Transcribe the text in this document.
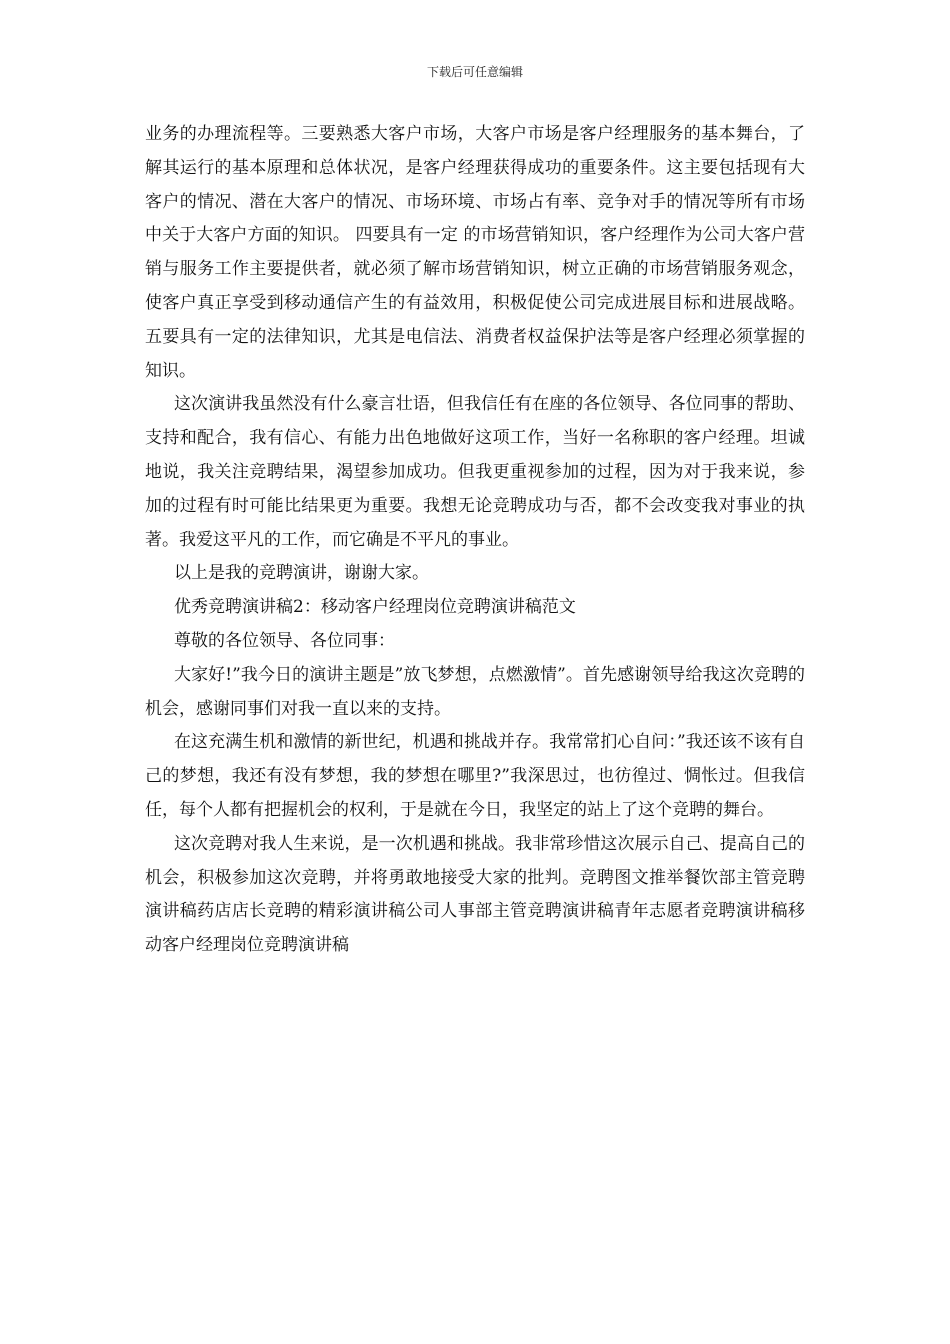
下载后可任意编辑

业务的办理流程等。三要熟悉大客户市场，大客户市场是客户经理服务的基本舞台，了解其运行的基本原理和总体状况，是客户经理获得成功的重要条件。这主要包括现有大客户的情况、潜在大客户的情况、市场环境、市场占有率、竞争对手的情况等所有市场中关于大客户方面的知识。 四要具有一定 的市场营销知识，客户经理作为公司大客户营销与服务工作主要提供者，就必须了解市场营销知识，树立正确的市场营销服务观念，使客户真正享受到移动通信产生的有益效用，积极促使公司完成进展目标和进展战略。五要具有一定的法律知识，尤其是电信法、消费者权益保护法等是客户经理必须掌握的知识。

这次演讲我虽然没有什么豪言壮语，但我信任有在座的各位领导、各位同事的帮助、支持和配合，我有信心、有能力出色地做好这项工作，当好一名称职的客户经理。坦诚地说，我关注竞聘结果，渴望参加成功。但我更重视参加的过程，因为对于我来说，参加的过程有时可能比结果更为重要。我想无论竞聘成功与否，都不会改变我对事业的执著。我爱这平凡的工作，而它确是不平凡的事业。

以上是我的竞聘演讲，谢谢大家。

优秀竞聘演讲稿2：移动客户经理岗位竞聘演讲稿范文

尊敬的各位领导、各位同事：

大家好!”我今日的演讲主题是”放飞梦想，点燃激情”。首先感谢领导给我这次竞聘的机会，感谢同事们对我一直以来的支持。

在这充满生机和激情的新世纪，机遇和挑战并存。我常常扪心自问：”我还该不该有自己的梦想，我还有没有梦想，我的梦想在哪里?”我深思过，也彷徨过、惆怅过。但我信任，每个人都有把握机会的权利，于是就在今日，我坚定的站上了这个竞聘的舞台。

这次竞聘对我人生来说，是一次机遇和挑战。我非常珍惜这次展示自己、提高自己的机会，积极参加这次竞聘，并将勇敢地接受大家的批判。竞聘图文推举餐饮部主管竞聘演讲稿药店店长竞聘的精彩演讲稿公司人事部主管竞聘演讲稿青年志愿者竞聘演讲稿移动客户经理岗位竞聘演讲稿
